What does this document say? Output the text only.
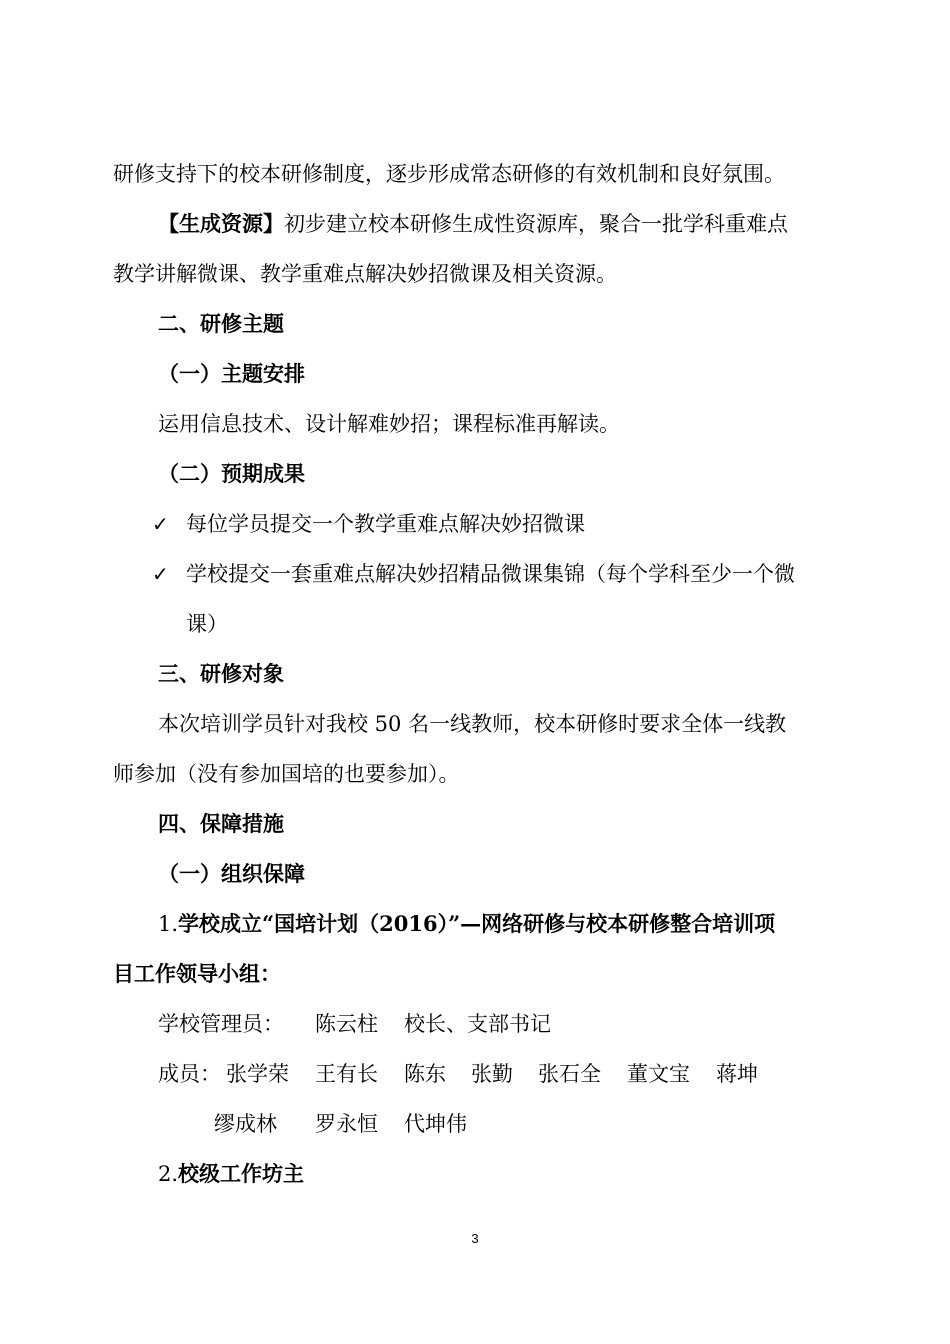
研修支持下的校本研修制度，逐步形成常态研修的有效机制和良好氛围。
【生成资源】初步建立校本研修生成性资源库，聚合一批学科重难点
教学讲解微课、教学重难点解决妙招微课及相关资源。
二、研修主题
（一）主题安排
运用信息技术、设计解难妙招；课程标准再解读。
（二）预期成果
✓ 每位学员提交一个教学重难点解决妙招微课
✓ 学校提交一套重难点解决妙招精品微课集锦（每个学科至少一个微
课）
三、研修对象
本次培训学员针对我校 50 名一线教师，校本研修时要求全体一线教
师参加（没有参加国培的也要参加）。
四、保障措施
（一）组织保障
1.学校成立“国培计划（2016）”—网络研修与校本研修整合培训项
目工作领导小组：
学校管理员： 陈云柱 校长、支部书记
成员： 张学荣 王有长 陈东 张勤 张石全 董文宝 蒋坤
缪成林 罗永恒 代坤伟
2.校级工作坊主
3
